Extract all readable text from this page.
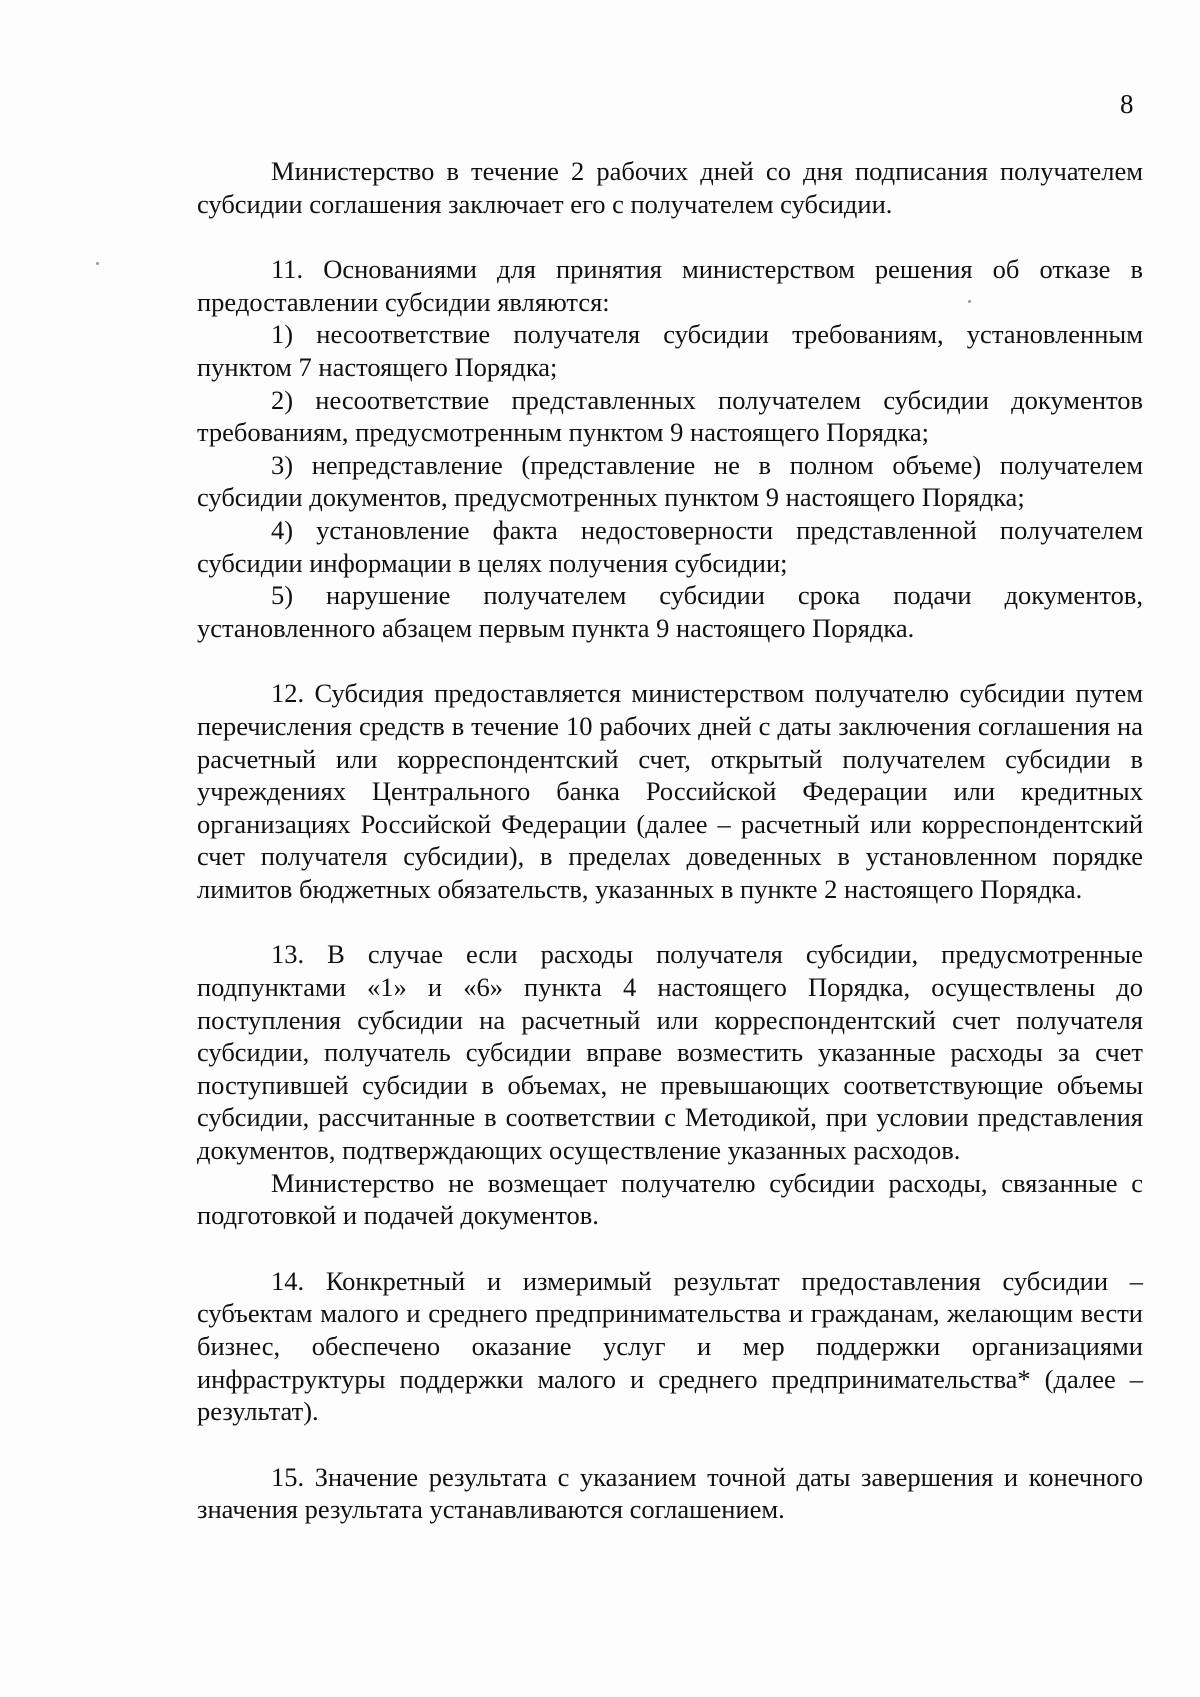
8

Министерство в течение 2 рабочих дней со дня подписания получателем субсидии соглашения заключает его с получателем субсидии.

11. Основаниями для принятия министерством решения об отказе в предоставлении субсидии являются:

1) несоответствие получателя субсидии требованиям, установленным пунктом 7 настоящего Порядка;

2) несоответствие представленных получателем субсидии документов требованиям, предусмотренным пунктом 9 настоящего Порядка;

3) непредставление (представление не в полном объеме) получателем субсидии документов, предусмотренных пунктом 9 настоящего Порядка;

4) установление факта недостоверности представленной получателем субсидии информации в целях получения субсидии;

5) нарушение получателем субсидии срока подачи документов, установленного абзацем первым пункта 9 настоящего Порядка.

12. Субсидия предоставляется министерством получателю субсидии путем перечисления средств в течение 10 рабочих дней с даты заключения соглашения на расчетный или корреспондентский счет, открытый получателем субсидии в учреждениях Центрального банка Российской Федерации или кредитных организациях Российской Федерации (далее – расчетный или корреспондентский счет получателя субсидии), в пределах доведенных в установленном порядке лимитов бюджетных обязательств, указанных в пункте 2 настоящего Порядка.

13. В случае если расходы получателя субсидии, предусмотренные подпунктами «1» и «6» пункта 4 настоящего Порядка, осуществлены до поступления субсидии на расчетный или корреспондентский счет получателя субсидии, получатель субсидии вправе возместить указанные расходы за счет поступившей субсидии в объемах, не превышающих соответствующие объемы субсидии, рассчитанные в соответствии с Методикой, при условии представления документов, подтверждающих осуществление указанных расходов.

Министерство не возмещает получателю субсидии расходы, связанные с подготовкой и подачей документов.

14. Конкретный и измеримый результат предоставления субсидии – субъектам малого и среднего предпринимательства и гражданам, желающим вести бизнес, обеспечено оказание услуг и мер поддержки организациями инфраструктуры поддержки малого и среднего предпринимательства* (далее – результат).

15. Значение результата с указанием точной даты завершения и конечного значения результата устанавливаются соглашением.
